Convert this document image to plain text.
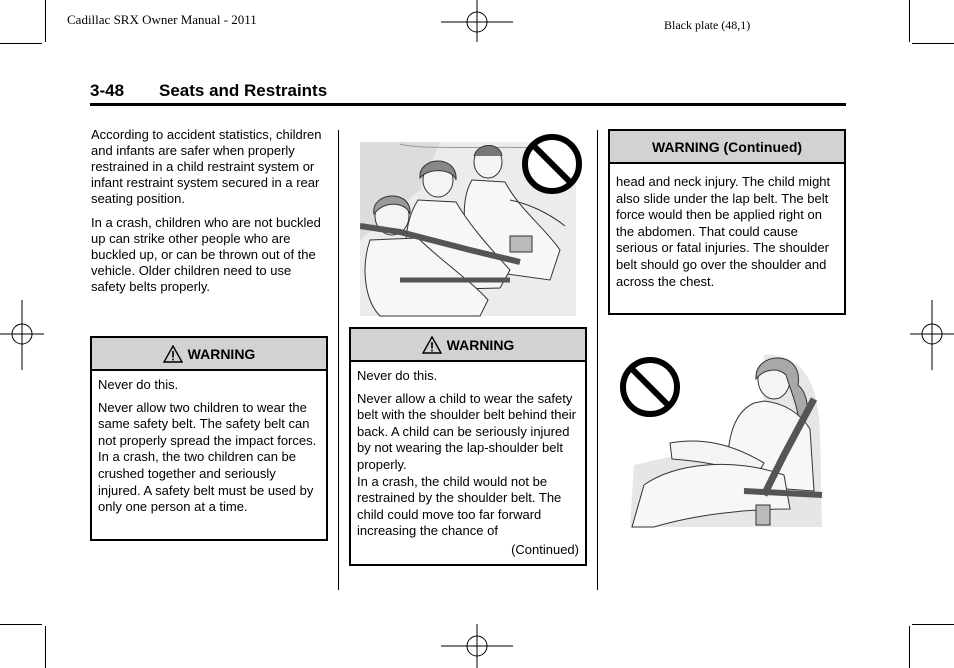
Cadillac SRX Owner Manual - 2011	Black plate (48,1)
3-48 Seats and Restraints

According to accident statistics, children and infants are safer when properly restrained in a child restraint system or infant restraint system secured in a rear seating position.

In a crash, children who are not buckled up can strike other people who are buckled up, or can be thrown out of the vehicle. Older children need to use safety belts properly.

WARNING

Never do this.

Never allow two children to wear the same safety belt. The safety belt can not properly spread the impact forces. In a crash, the two children can be crushed together and seriously injured. A safety belt must be used by only one person at a time.

WARNING

Never do this.

Never allow a child to wear the safety belt with the shoulder belt behind their back. A child can be seriously injured by not wearing the lap-shoulder belt properly.

In a crash, the child would not be restrained by the shoulder belt. The child could move too far forward increasing the chance of

(Continued)
WARNING (Continued)

head and neck injury. The child might also slide under the lap belt. The belt force would then be applied right on the abdomen. That could cause serious or fatal injuries. The shoulder belt should go over the shoulder and across the chest.
